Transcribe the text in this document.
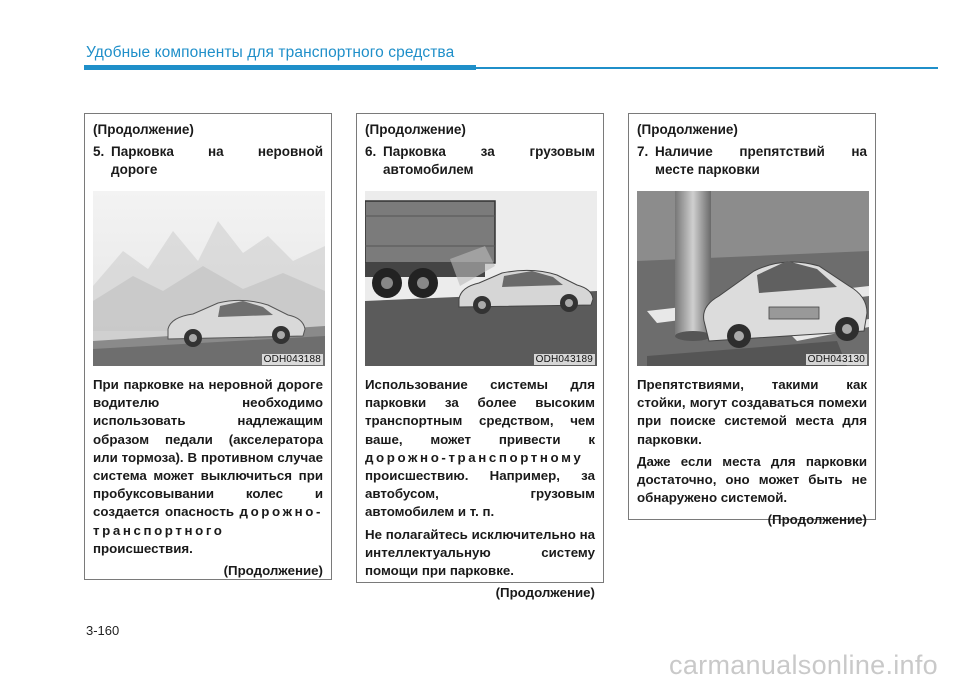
Удобные компоненты для транспортного средства
(Продолжение)
5. Парковка на неровной
дороге
ODH043188

При парковке на неровной дороге водителю необходимо использовать надлежащим образом педали (акселератора или тормоза). В противном случае система может выключиться при пробуксовывании колес и создается опасность дорожно-транспортного происшествия.

(Продолжение)
(Продолжение)
6. Парковка за грузовым
автомобилем
ODH043189

Использование системы для парковки за более высоким транспортным средством, чем ваше, может привести к дорожно-транспортному происшествию. Например, за автобусом, грузовым автомобилем и т. п.

Не полагайтесь исключительно на интеллектуальную систему помощи при парковке.

(Продолжение)
(Продолжение)
7. Наличие препятствий на
месте парковки
ODH043130

Препятствиями, такими как стойки, могут создаваться помехи при поиске системой места для парковки.

Даже если места для парковки достаточно, оно может быть не обнаружено системой.

(Продолжение)
3-160
carmanualsonline.info
